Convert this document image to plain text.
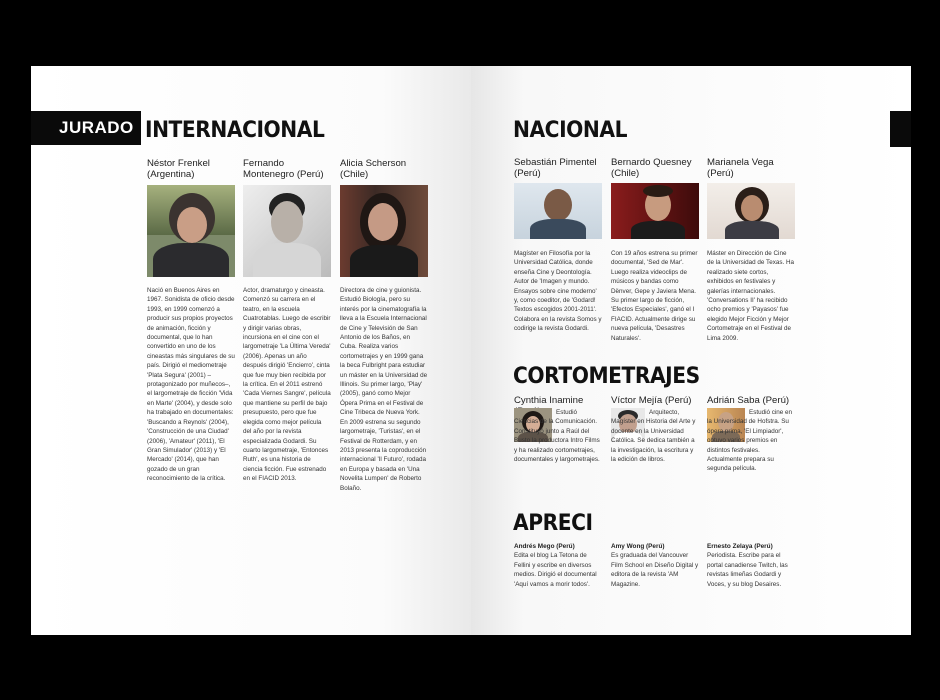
JURADO INTERNACIONAL
Néstor Frenkel (Argentina)
Nació en Buenos Aires en 1967. Sonidista de oficio desde 1993, en 1999 comenzó a producir sus propios proyectos de animación, ficción y documental, que lo han convertido en uno de los cineastas más singulares de su país. Dirigió el mediometraje 'Plata Segura' (2001) –protagonizado por muñecos–, el largometraje de ficción 'Vida en Marte' (2004), y desde solo ha trabajado en documentales: 'Buscando a Reynols' (2004), 'Construcción de una Ciudad' (2006), 'Amateur' (2011), 'El Gran Simulador' (2013) y 'El Mercado' (2014), que han gozado de un gran reconocimiento de la crítica.
Fernando Montenegro (Perú)
Actor, dramaturgo y cineasta. Comenzó su carrera en el teatro, en la escuela Cuatrotablas. Luego de escribir y dirigir varias obras, incursiona en el cine con el largometraje 'La Última Vereda' (2006). Apenas un año después dirigió 'Encierro', cinta que fue muy bien recibida por la crítica. En el 2011 estrenó 'Cada Viernes Sangre', película que mantiene su perfil de bajo presupuesto, pero que fue elegida como mejor película del año por la revista especializada Godardi. Su cuarto largometraje, 'Entonces Ruth', es una historia de ciencia ficción. Fue estrenado en el FIACID 2013.
Alicia Scherson (Chile)
Directora de cine y guionista. Estudió Biología, pero su interés por la cinematografía la lleva a la Escuela Internacional de Cine y Televisión de San Antonio de los Baños, en Cuba. Realiza varios cortometrajes y en 1999 gana la beca Fulbright para estudiar un máster en la Universidad de Illinois. Su primer largo, 'Play' (2005), ganó como Mejor Ópera Prima en el Festival de Cine Tribeca de Nueva York. En 2009 estrena su segundo largometraje, 'Turistas', en el Festival de Rotterdam, y en 2013 presenta la coproducción internacional 'Il Futuro', rodada en Europa y basada en 'Una Novelita Lumpen' de Roberto Bolaño.
NACIONAL
Sebastián Pimentel (Perú)
Magíster en Filosofía por la Universidad Católica, donde enseña Cine y Deontología. Autor de 'Imagen y mundo. Ensayos sobre cine moderno' y, como coeditor, de 'Godard! Textos escogidos 2001-2011'. Colabora en la revista Somos y codirige la revista Godardi.
Bernardo Quesney (Chile)
Con 19 años estrena su primer documental, 'Sed de Mar'. Luego realiza videoclips de músicos y bandas como Dënver, Gepe y Javiera Mena. Su primer largo de ficción, 'Efectos Especiales', ganó el I FIACID. Actualmente dirige su nueva película, 'Desastres Naturales'.
Marianela Vega (Perú)
Máster en Dirección de Cine de la Universidad de Texas. Ha realizado siete cortos, exhibidos en festivales y galerías internacionales. 'Conversations II' ha recibido ocho premios y 'Payasos' fue elegido Mejor Ficción y Mejor Cortometraje en el Festival de Lima 2009.
CORTOMETRAJES
Cynthia Inamine
Estudió Ciencias de la Comunicación. Constituyó junto a Raúl del Busto la productora Intro Films y ha realizado cortometrajes, documentales y largometrajes.
Víctor Mejía (Perú)
Arquitecto, Magíster en Historia del Arte y docente en la Universidad Católica. Se dedica también a la investigación, la escritura y la edición de libros.
Adrián Saba (Perú)
Estudió cine en la Universidad de Hofstra. Su ópera prima, 'El Limpiador', obtuvo varios premios en distintos festivales. Actualmente prepara su segunda película.
APRECI
Andrés Mego (Perú)
Edita el blog La Tetona de Fellini y escribe en diversos medios. Dirigió el documental 'Aquí vamos a morir todos'.
Amy Wong (Perú)
Es graduada del Vancouver Film School en Diseño Digital y editora de la revista 'AM Magazine.
Ernesto Zelaya (Perú)
Periodista. Escribe para el portal canadiense Twitch, las revistas limeñas Godardi y Voces, y su blog Desaires.
